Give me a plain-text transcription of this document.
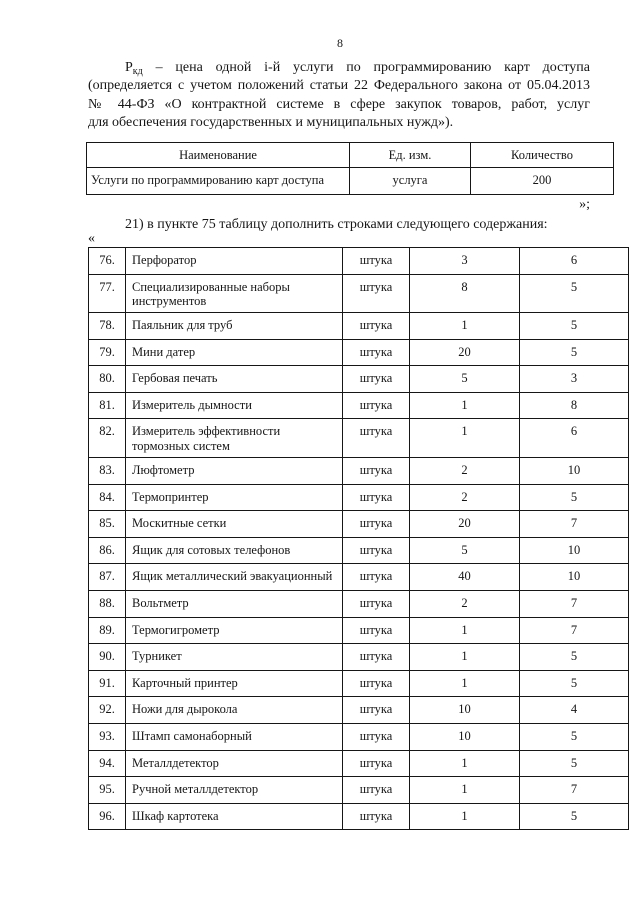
8
$Р_{кд}$ – цена одной i-й услуги по программированию карт доступа
(определяется с учетом положений статьи 22 Федерального закона от 05.04.2013
№ 44-ФЗ «О контрактной системе в сфере закупок товаров, работ, услуг
для обеспечения государственных и муниципальных нужд»).
Наименование	Ед. изм.	Количество
Услуги по программированию карт доступа	услуга	200
»;
21) в пункте 75 таблицу дополнить строками следующего содержания:
«
76.	Перфоратор	штука	3	6
77.	Специализированные наборы
инструментов	штука	8	5
78.	Паяльник для труб	штука	1	5
79.	Мини датер	штука	20	5
80.	Гербовая печать	штука	5	3
81.	Измеритель дымности	штука	1	8
82.	Измеритель эффективности
тормозных систем	штука	1	6
83.	Люфтометр	штука	2	10
84.	Термопринтер	штука	2	5
85.	Москитные сетки	штука	20	7
86.	Ящик для сотовых телефонов	штука	5	10
87.	Ящик металлический эвакуационный	штука	40	10
88.	Вольтметр	штука	2	7
89.	Термогигрометр	штука	1	7
90.	Турникет	штука	1	5
91.	Карточный принтер	штука	1	5
92.	Ножи для дырокола	штука	10	4
93.	Штамп самонаборный	штука	10	5
94.	Металлдетектор	штука	1	5
95.	Ручной металлдетектор	штука	1	7
96.	Шкаф картотека	штука	1	5
